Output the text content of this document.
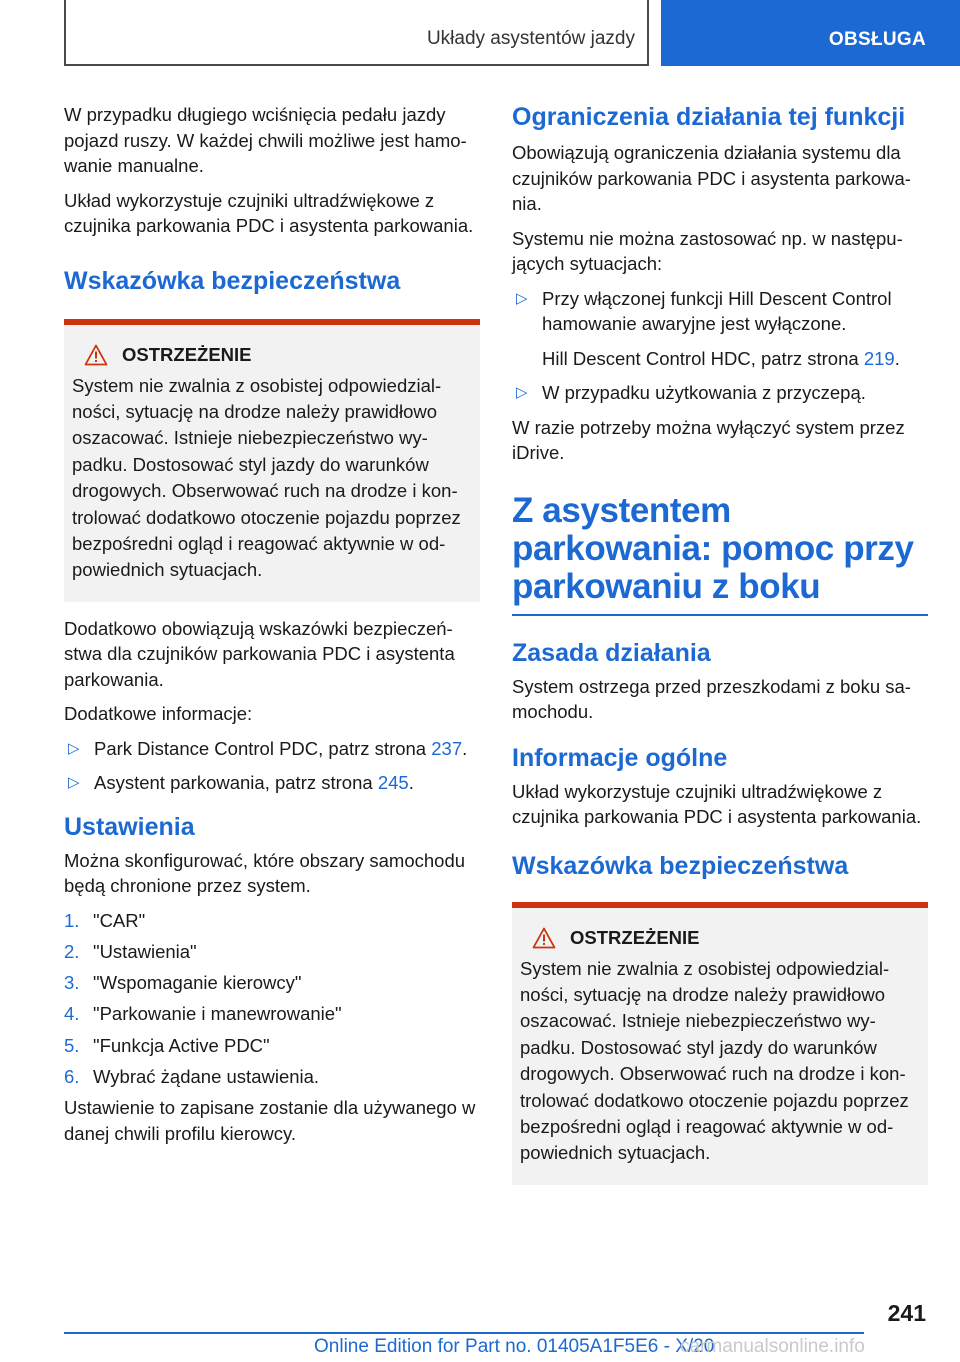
Układy asystentów jazdy	OBSŁUGA

W przypadku długiego wciśnięcia pedału jazdy pojazd ruszy. W każdej chwili możliwe jest hamowanie manualne.

Układ wykorzystuje czujniki ultradźwiękowe z czujnika parkowania PDC i asystenta parkowania.

Wskazówka bezpieczeństwa
OSTRZEŻENIE
System nie zwalnia z osobistej odpowiedzialności, sytuację na drodze należy prawidłowo oszacować. Istnieje niebezpieczeństwo wypadku. Dostosować styl jazdy do warunków drogowych. Obserwować ruch na drodze i kontrolować dodatkowo otoczenie pojazdu poprzez bezpośredni ogląd i reagować aktywnie w odpowiednich sytuacjach.

Dodatkowo obowiązują wskazówki bezpieczeństwa dla czujników parkowania PDC i asystenta parkowania.

Dodatkowe informacje:

▷ Park Distance Control PDC, patrz strona 237.
▷ Asystent parkowania, patrz strona 245.
Ustawienia

Można skonfigurować, które obszary samochodu będą chronione przez system.

1. "CAR"
2. "Ustawienia"
3. "Wspomaganie kierowcy"
4. "Parkowanie i manewrowanie"
5. "Funkcja Active PDC"
6. Wybrać żądane ustawienia.

Ustawienie to zapisane zostanie dla używanego w danej chwili profilu kierowcy.

Ograniczenia działania tej funkcji

Obowiązują ograniczenia działania systemu dla czujników parkowania PDC i asystenta parkowania.

Systemu nie można zastosować np. w następujących sytuacjach:

▷ Przy włączonej funkcji Hill Descent Control hamowanie awaryjne jest wyłączone.
Hill Descent Control HDC, patrz strona 219.
▷ W przypadku użytkowania z przyczepą.

W razie potrzeby można wyłączyć system przez iDrive.

Z asystentem parkowania: pomoc przy parkowaniu z boku
Zasada działania

System ostrzega przed przeszkodami z boku samochodu.

Informacje ogólne

Układ wykorzystuje czujniki ultradźwiękowe z czujnika parkowania PDC i asystenta parkowania.

Wskazówka bezpieczeństwa
OSTRZEŻENIE
System nie zwalnia z osobistej odpowiedzialności, sytuację na drodze należy prawidłowo oszacować. Istnieje niebezpieczeństwo wypadku. Dostosować styl jazdy do warunków drogowych. Obserwować ruch na drodze i kontrolować dodatkowo otoczenie pojazdu poprzez bezpośredni ogląd i reagować aktywnie w odpowiednich sytuacjach.
241
Online Edition for Part no. 01405A1F5E6 - X/20
carmanualsonline.info
